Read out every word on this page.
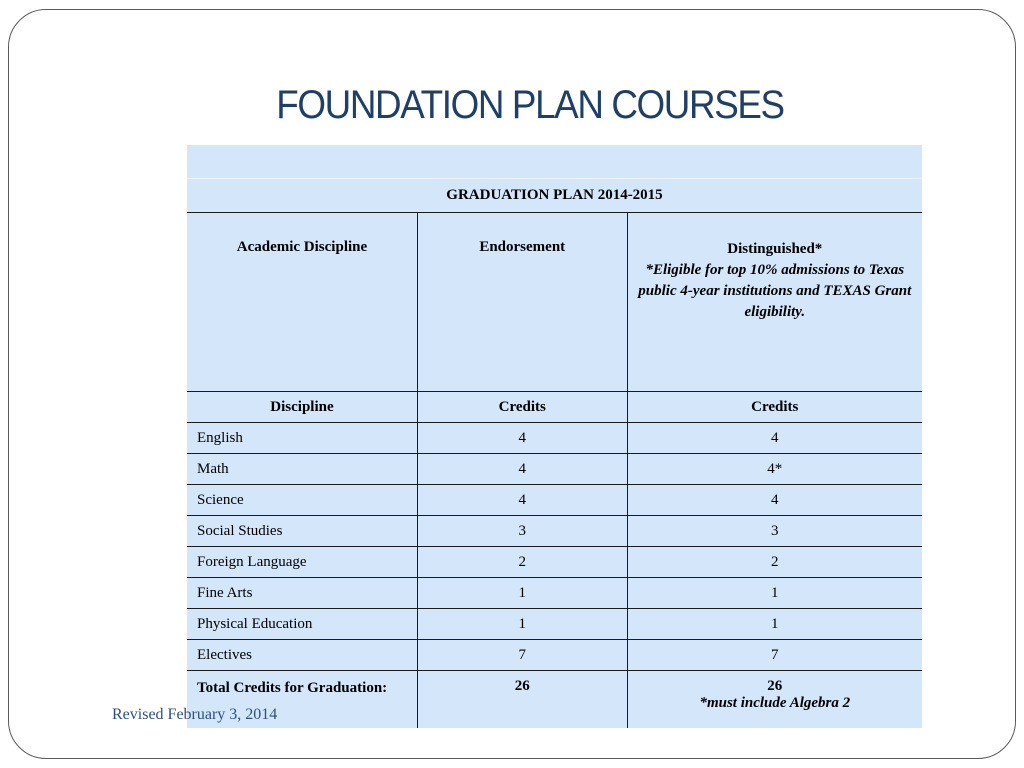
FOUNDATION PLAN COURSES

GRADUATION PLAN 2014-2015		
Academic Discipline	Endorsement	Distinguished*
*Eligible for top 10% admissions to Texas public 4-year institutions and TEXAS Grant eligibility.

Discipline	Credits	Credits
English	4	4
Math	4	4*
Science	4	4
Social Studies	3	3
Foreign Language	2	2
Fine Arts	1	1
Physical Education	1	1
Electives	7	7
Total Credits for Graduation:	26	26
*must include Algebra 2
Revised February 3, 2014
